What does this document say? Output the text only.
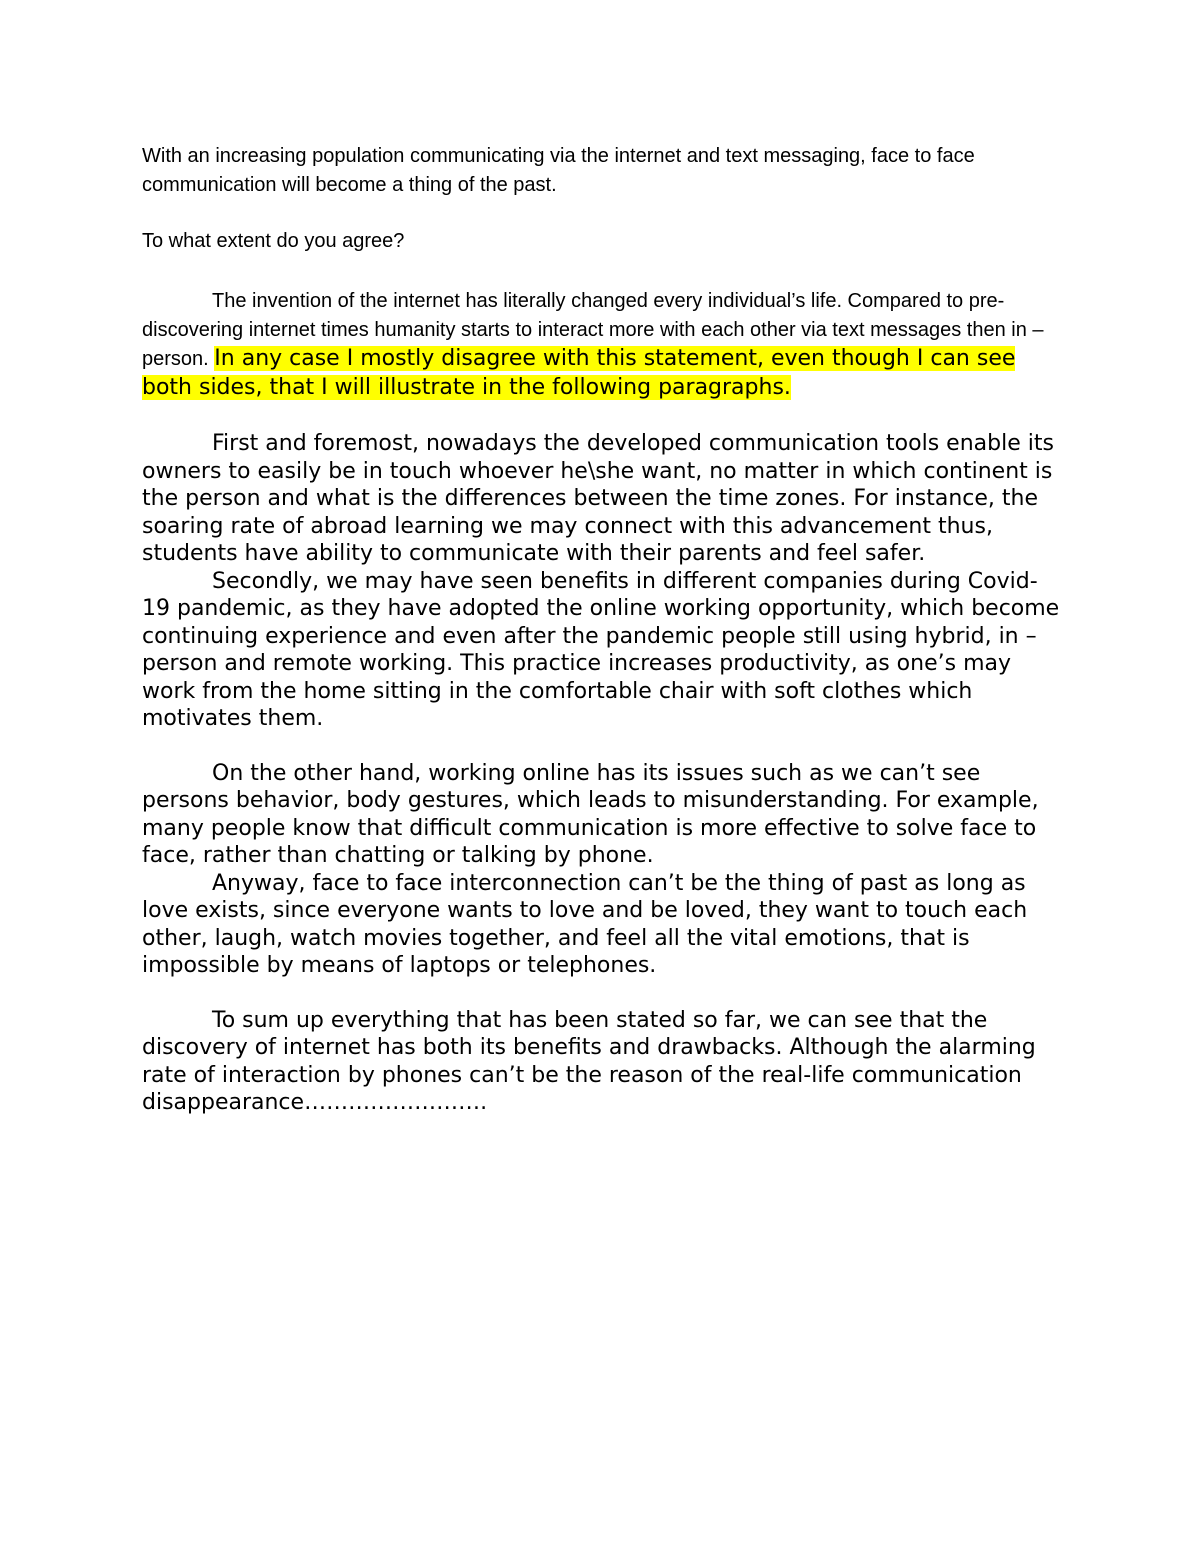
With an increasing population communicating via the internet and text messaging, face to face communication will become a thing of the past.

To what extent do you agree?

The invention of the internet has literally changed every individual’s life. Compared to pre-discovering internet times humanity starts to interact more with each other via text messages then in – person. In any case I mostly disagree with this statement, even though I can see both sides, that I will illustrate in the following paragraphs.

First and foremost, nowadays the developed communication tools enable its owners to easily be in touch whoever he\she want, no matter in which continent is the person and what is the differences between the time zones. For instance, the soaring rate of abroad learning we may connect with this advancement thus, students have ability to communicate with their parents and feel safer.

Secondly, we may have seen benefits in different companies during Covid-19 pandemic, as they have adopted the online working opportunity, which become continuing experience and even after the pandemic people still using hybrid, in – person and remote working. This practice increases productivity, as one’s may work from the home sitting in the comfortable chair with soft clothes which motivates them.

On the other hand, working online has its issues such as we can’t see persons behavior, body gestures, which leads to misunderstanding. For example, many people know that difficult communication is more effective to solve face to face, rather than chatting or talking by phone.

Anyway, face to face interconnection can’t be the thing of past as long as love exists, since everyone wants to love and be loved, they want to touch each other, laugh, watch movies together, and feel all the vital emotions, that is impossible by means of laptops or telephones.

To sum up everything that has been stated so far, we can see that the discovery of internet has both its benefits and drawbacks. Although the alarming rate of interaction by phones can’t be the reason of the real-life communication disappearance…………………….
